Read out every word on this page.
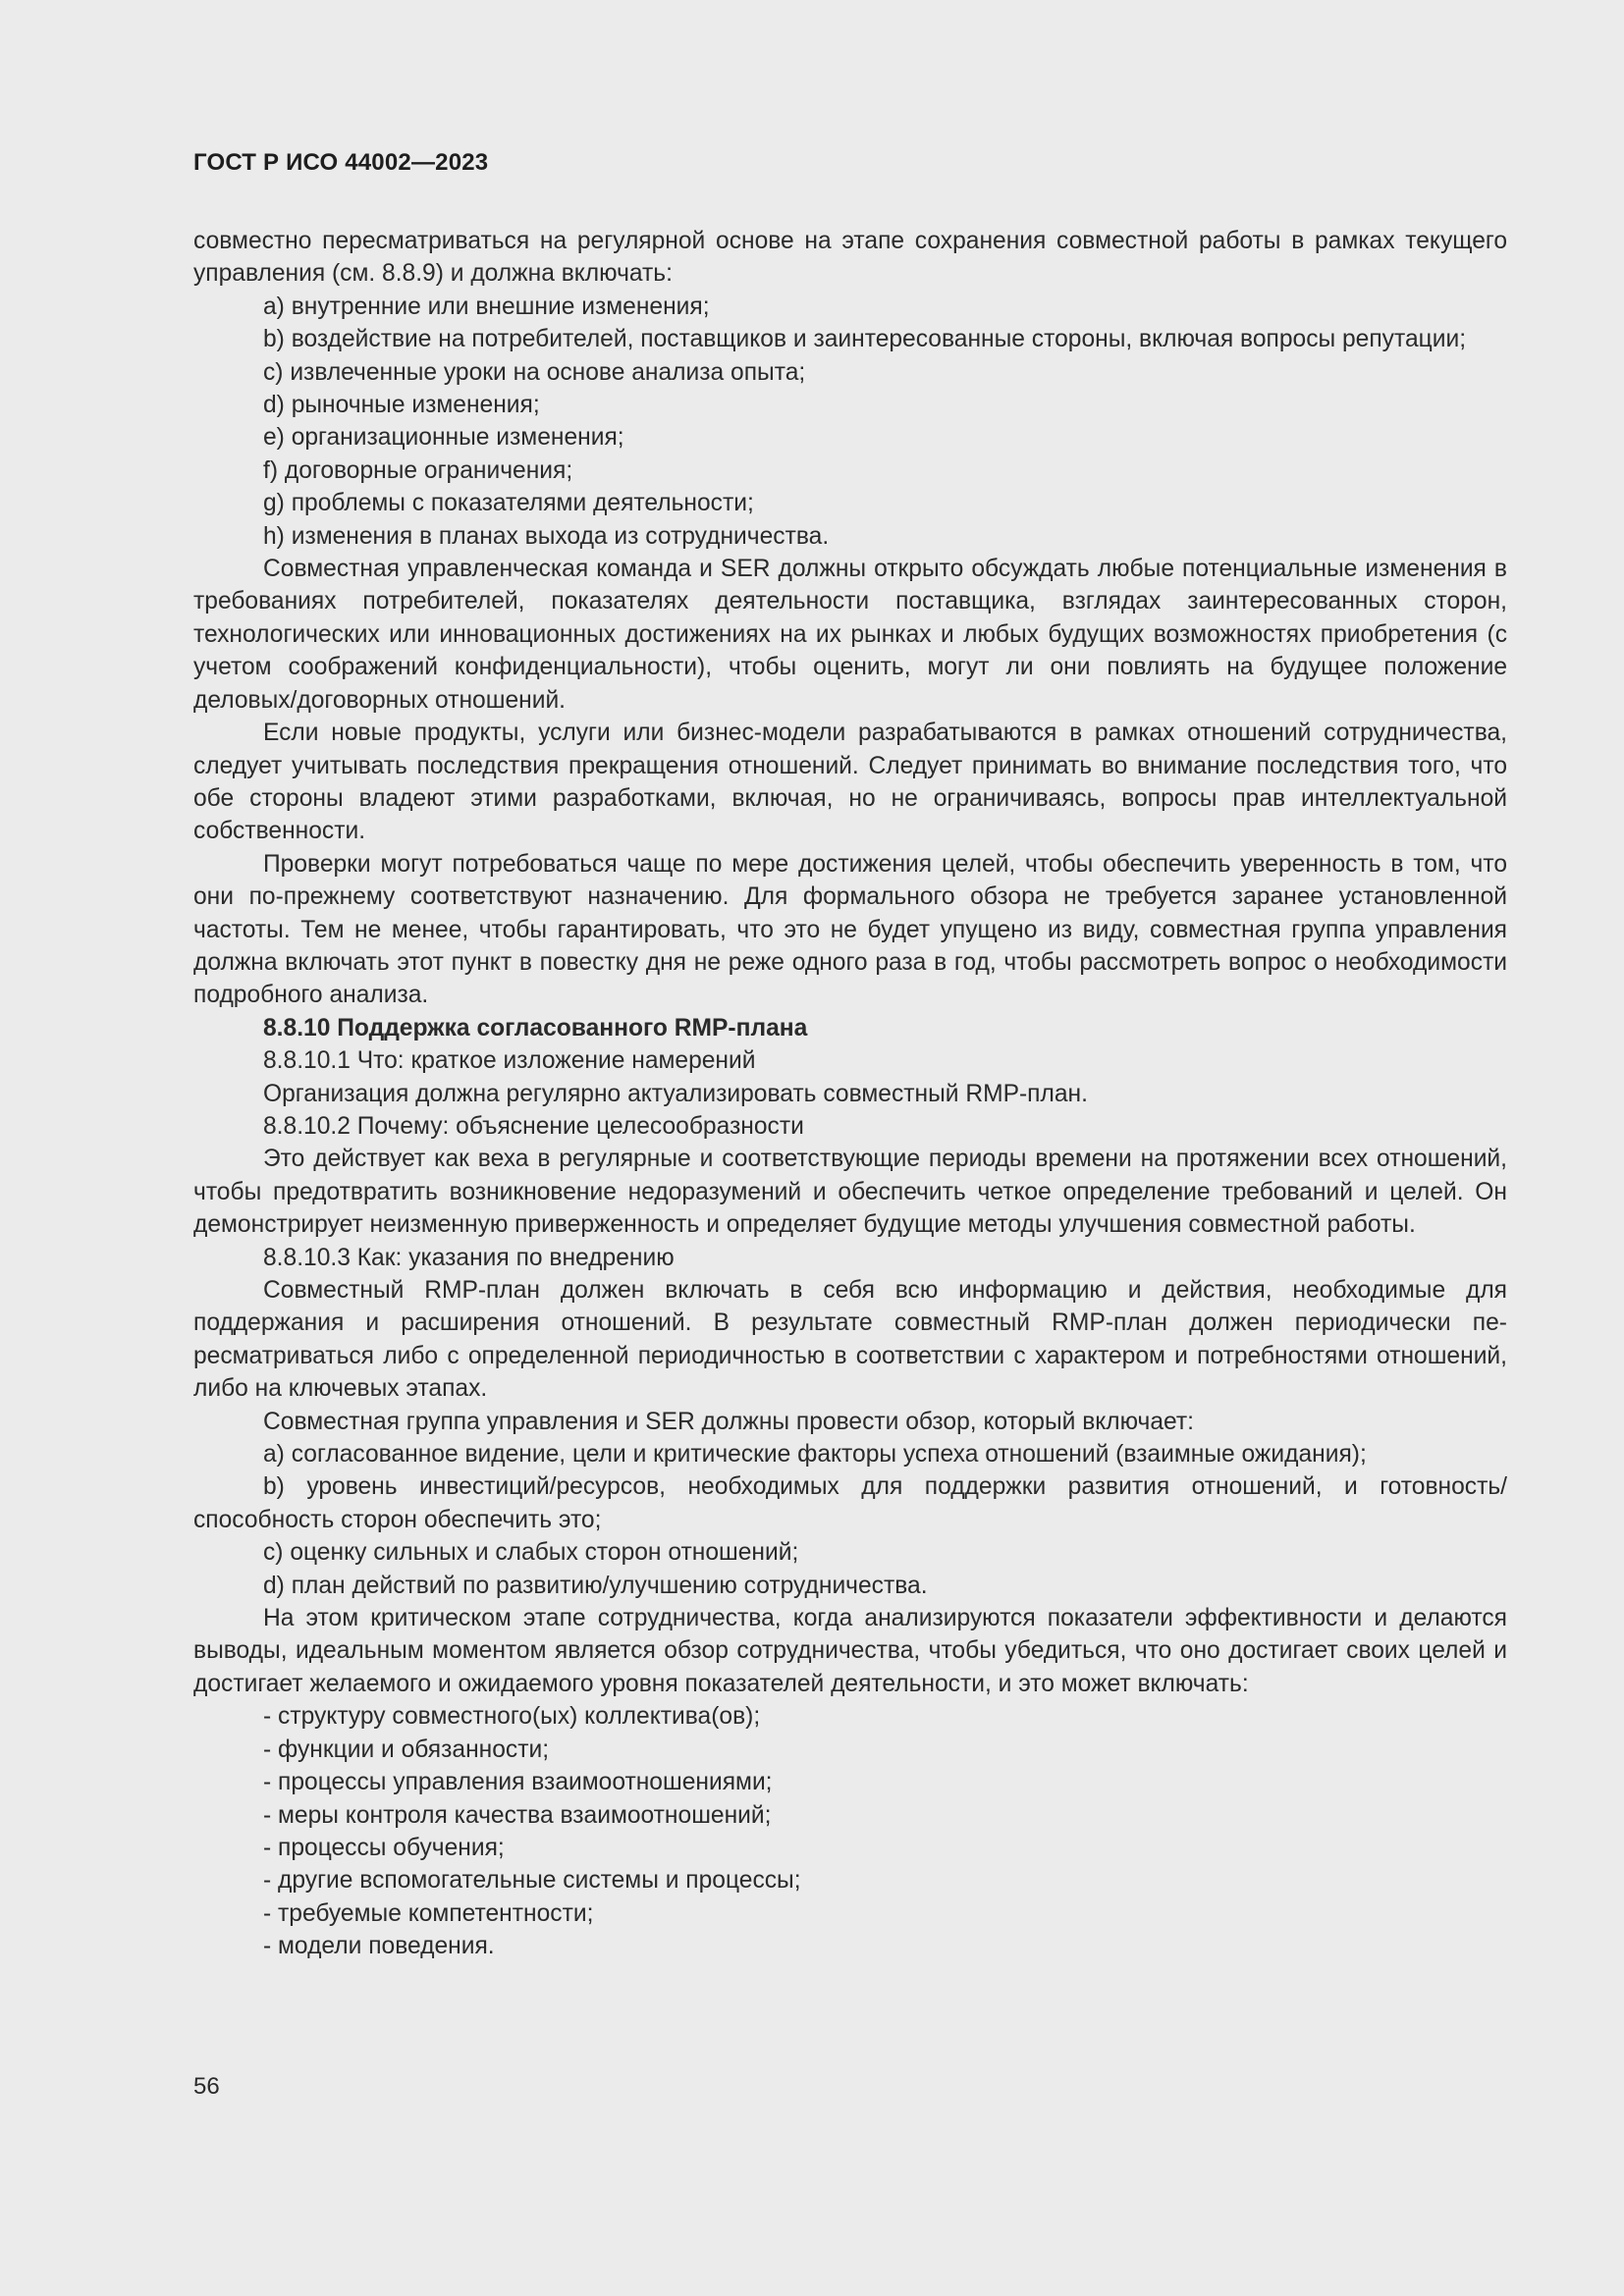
ГОСТ Р ИСО 44002—2023

совместно пересматриваться на регулярной основе на этапе сохранения совместной работы в рамках текущего управления (см. 8.8.9) и должна включать:

a) внутренние или внешние изменения;

b) воздействие на потребителей, поставщиков и заинтересованные стороны, включая вопросы репутации;

c) извлеченные уроки на основе анализа опыта;

d) рыночные изменения;

e) организационные изменения;

f) договорные ограничения;

g) проблемы с показателями деятельности;

h) изменения в планах выхода из сотрудничества.

Совместная управленческая команда и SER должны открыто обсуждать любые потенциальные изменения в требованиях потребителей, показателях деятельности поставщика, взглядах заинтересованных сторон, технологических или инновационных достижениях на их рынках и любых будущих возможностях приобретения (с учетом соображений конфиденциальности), чтобы оценить, могут ли они повлиять на будущее положение деловых/договорных отношений.

Если новые продукты, услуги или бизнес-модели разрабатываются в рамках отношений сотрудничества, следует учитывать последствия прекращения отношений. Следует принимать во внимание последствия того, что обе стороны владеют этими разработками, включая, но не ограничиваясь, вопросы прав интеллектуальной собственности.

Проверки могут потребоваться чаще по мере достижения целей, чтобы обеспечить уверенность в том, что они по-прежнему соответствуют назначению. Для формального обзора не требуется заранее установленной частоты. Тем не менее, чтобы гарантировать, что это не будет упущено из виду, совместная группа управления должна включать этот пункт в повестку дня не реже одного раза в год, чтобы рассмотреть вопрос о необходимости подробного анализа.

8.8.10 Поддержка согласованного RMP-плана

8.8.10.1 Что: краткое изложение намерений

Организация должна регулярно актуализировать совместный RMP-план.

8.8.10.2 Почему: объяснение целесообразности

Это действует как веха в регулярные и соответствующие периоды времени на протяжении всех отношений, чтобы предотвратить возникновение недоразумений и обеспечить четкое определение требований и целей. Он демонстрирует неизменную приверженность и определяет будущие методы улучшения совместной работы.

8.8.10.3 Как: указания по внедрению

Совместный RMP-план должен включать в себя всю информацию и действия, необходимые для поддержания и расширения отношений. В результате совместный RMP-план должен периодически пересматриваться либо с определенной периодичностью в соответствии с характером и потребностями отношений, либо на ключевых этапах.

Совместная группа управления и SER должны провести обзор, который включает:

a) согласованное видение, цели и критические факторы успеха отношений (взаимные ожидания);

b) уровень инвестиций/ресурсов, необходимых для поддержки развития отношений, и готовность/ способность сторон обеспечить это;

c) оценку сильных и слабых сторон отношений;

d) план действий по развитию/улучшению сотрудничества.

На этом критическом этапе сотрудничества, когда анализируются показатели эффективности и делаются выводы, идеальным моментом является обзор сотрудничества, чтобы убедиться, что оно достигает своих целей и достигает желаемого и ожидаемого уровня показателей деятельности, и это может включать:

- структуру совместного(ых) коллектива(ов);

- функции и обязанности;

- процессы управления взаимоотношениями;

- меры контроля качества взаимоотношений;

- процессы обучения;

- другие вспомогательные системы и процессы;

- требуемые компетентности;

- модели поведения.

56
